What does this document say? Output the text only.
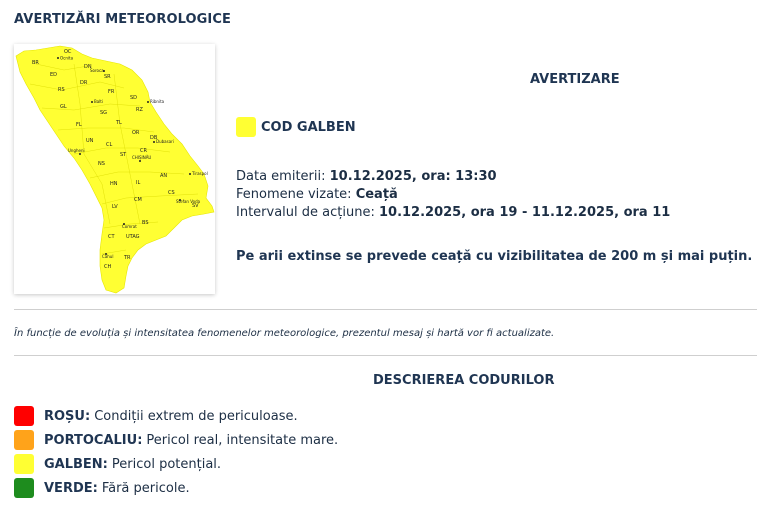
AVERTIZĂRI METEOROLOGICE
Ocnita
Soroca
Balti	Ribnita
Dubasari
Ungheni
CHIȘINĂU
Tiraspol
Stefan Voda
Comrat
Cahul
OC
BR
ED
DN
SR
RS
DR
FR
SD
GL
SG	RZ
FL	TL
UN
OR
DB
CL
CR
NS
ST
AN
HN	IL
CS
LV
CM
SV
BS
CT UTAG
CH
TR
AVERTIZARE
COD GALBEN
Data emiterii: 10.12.2025, ora: 13:30
Fenomene vizate: Ceață
Intervalul de acțiune: 10.12.2025, ora 19 - 11.12.2025, ora 11
Pe arii extinse se prevede ceață cu vizibilitatea de 200 m și mai puțin.
În funcție de evoluția și intensitatea fenomenelor meteorologice, prezentul mesaj și hartă vor fi actualizate.
DESCRIEREA CODURILOR
ROȘU: Condiții extrem de periculoase.
PORTOCALIU: Pericol real, intensitate mare.
GALBEN: Pericol potențial.
VERDE: Fără pericole.
